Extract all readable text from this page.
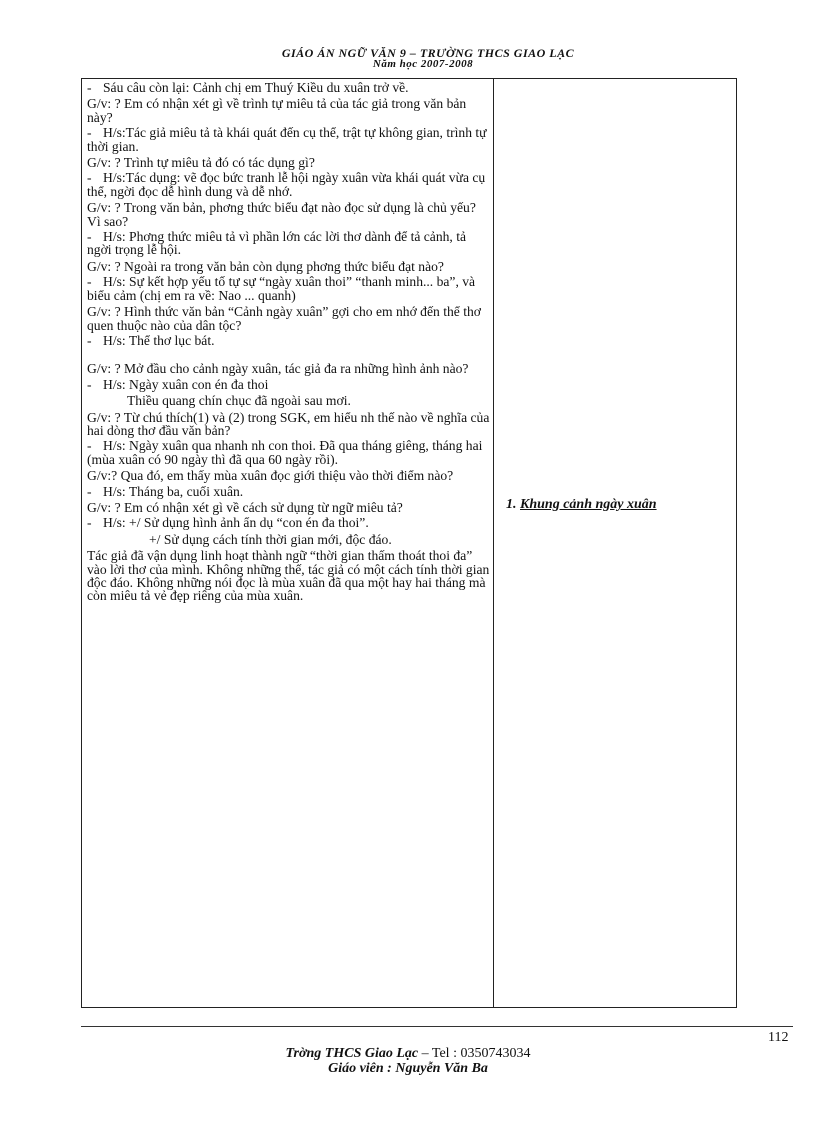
GIÁO ÁN NGỮ VĂN 9 – TRƯỜNG THCS GIAO LẠC
Năm học 2007-2008
- Sáu câu còn lại: Cảnh chị em Thuý Kiều du xuân trở về.
G/v: ? Em có nhận xét gì về trình tự miêu tả của tác giả trong văn bản này?
- H/s:Tác giả miêu tả tà khái quát đến cụ thể, trật tự không gian, trình tự thời gian.
G/v: ? Trình tự miêu tả đó có tác dụng gì?
- H/s:Tác dụng: vẽ đọc bức tranh lễ hội ngày xuân vừa khái quát vừa cụ thể, ngời đọc dễ hình dung và dễ nhớ.
G/v: ? Trong văn bản, phơng thức biểu đạt nào đọc sử dụng là chủ yếu? Vì sao?
- H/s: Phơng thức miêu tả vì phần lớn các lời thơ dành để tả cảnh, tả ngời trọng lễ hội.
G/v: ? Ngoài ra trong văn bản còn dụng phơng thức biểu đạt nào?
- H/s: Sự kết hợp yếu tố tự sự “ngày xuân thoi” “thanh minh... ba”, và biểu cảm (chị em ra về: Nao ... quanh)
G/v: ? Hình thức văn bản “Cảnh ngày xuân” gợi cho em nhớ đến thể thơ quen thuộc nào của dân tộc?
- H/s: Thể thơ lục bát.
G/v: ? Mở đầu cho cảnh ngày xuân, tác giả đa ra những hình ảnh nào?
- H/s: Ngày xuân con én đa thoi
Thiều quang chín chục đã ngoài sau mơi.
G/v: ? Từ chú thích(1) và (2) trong SGK, em hiểu nh thế nào về nghĩa của hai dòng thơ đầu văn bản?
- H/s: Ngày xuân qua nhanh nh con thoi. Đã qua tháng giêng, tháng hai (mùa xuân có 90 ngày thì đã qua 60 ngày rồi).
G/v:? Qua đó, em thấy mùa xuân đọc giới thiệu vào thời điểm nào?
- H/s: Tháng ba, cuối xuân.
G/v: ? Em có nhận xét gì về cách sử dụng từ ngữ miêu tả?
- H/s: +/ Sử dụng hình ảnh ẩn dụ “con én đa thoi”.
+/ Sử dụng cách tính thời gian mới, độc đáo.
Tác giả đã vận dụng linh hoạt thành ngữ “thời gian thấm thoát thoi đa” vào lời thơ của mình. Không những thế, tác giả có một cách tính thời gian độc đáo. Không những nói đọc là mùa xuân đã qua một hay hai tháng mà còn miêu tả vẻ đẹp riêng của mùa xuân.
1. Khung cảnh ngày xuân
112
Trờng THCS Giao Lạc – Tel : 0350743034
Giáo viên : Nguyễn Văn Ba
